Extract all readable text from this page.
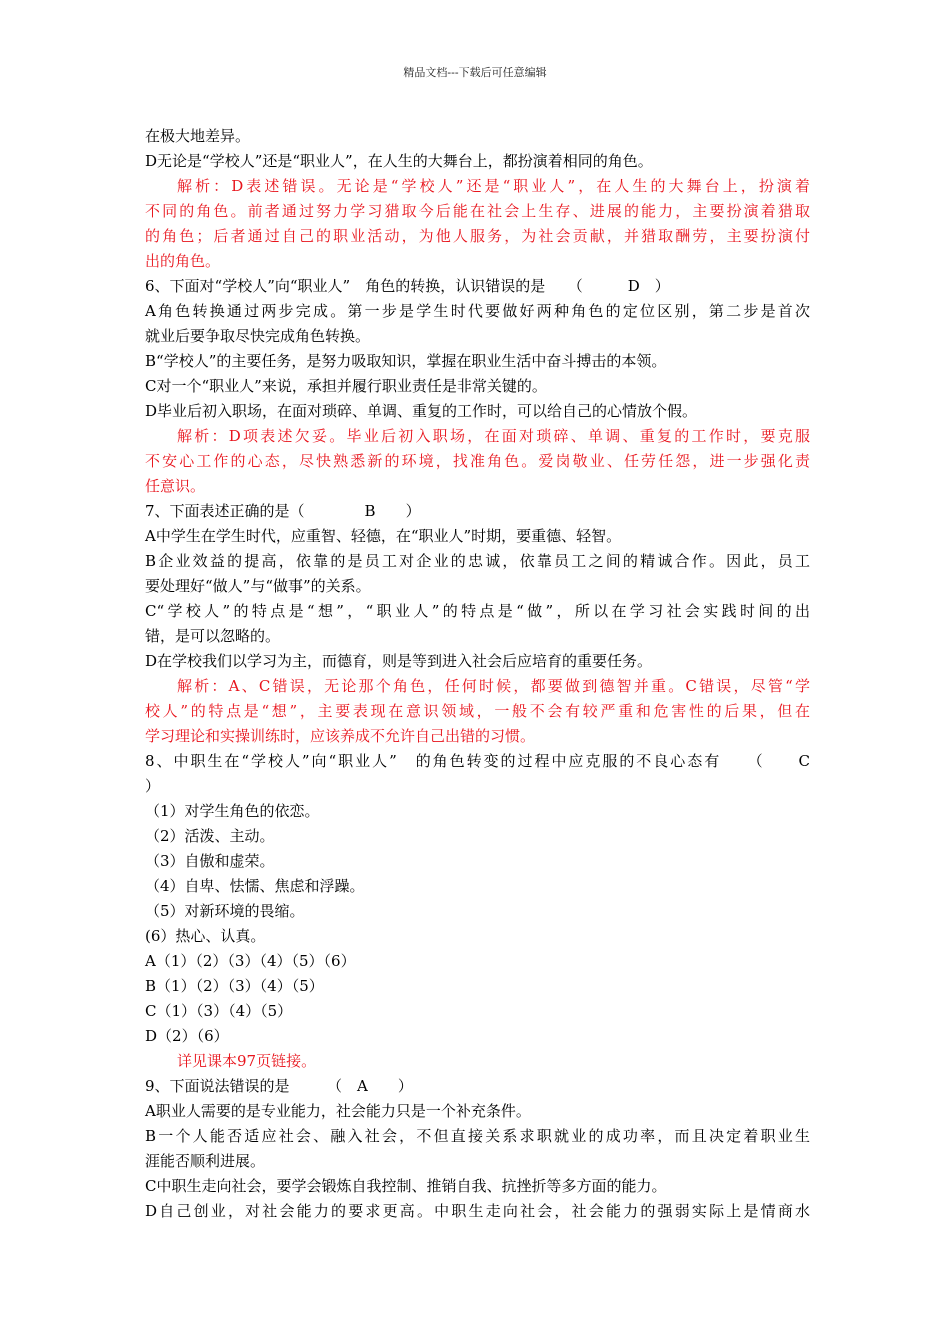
精品文档---下载后可任意编辑
在极大地差异。
D无论是“学校人”还是“职业人”，在人生的大舞台上，都扮演着相同的角色。
解析：D表述错误。无论是“学校人”还是“职业人”，在人生的大舞台上，扮演着
不同的角色。前者通过努力学习猎取今后能在社会上生存、进展的能力，主要扮演着猎取
的角色；后者通过自己的职业活动，为他人服务，为社会贡献，并猎取酬劳，主要扮演付
出的角色。
6、下面对“学校人”向“职业人”　角色的转换，认识错误的是　　（　　　D　）
A角色转换通过两步完成。第一步是学生时代要做好两种角色的定位区别，第二步是首次
就业后要争取尽快完成角色转换。
B“学校人”的主要任务，是努力吸取知识，掌握在职业生活中奋斗搏击的本领。
C对一个“职业人”来说，承担并履行职业责任是非常关键的。
D毕业后初入职场，在面对琐碎、单调、重复的工作时，可以给自己的心情放个假。
解析：D项表述欠妥。毕业后初入职场，在面对琐碎、单调、重复的工作时，要克服
不安心工作的心态，尽快熟悉新的环境，找准角色。爱岗敬业、任劳任怨，进一步强化责
任意识。
7、下面表述正确的是（　　　　B　　）
A中学生在学生时代，应重智、轻德，在“职业人”时期，要重德、轻智。
B企业效益的提高，依靠的是员工对企业的忠诚，依靠员工之间的精诚合作。因此，员工
要处理好“做人”与“做事”的关系。
C“学校人”的特点是“想”，“职业人”的特点是“做”，所以在学习社会实践时间的出
错，是可以忽略的。
D在学校我们以学习为主，而德育，则是等到进入社会后应培育的重要任务。
解析：A、C错误，无论那个角色，任何时候，都要做到德智并重。C错误，尽管“学
校人”的特点是“想”，主要表现在意识领域，一般不会有较严重和危害性的后果，但在
学习理论和实操训练时，应该养成不允许自己出错的习惯。
8、中职生在“学校人”向“职业人”　的角色转变的过程中应克服的不良心态有　　（　　C
）
（1）对学生角色的依恋。
（2）活泼、主动。
（3）自傲和虚荣。
（4）自卑、怯懦、焦虑和浮躁。
（5）对新环境的畏缩。
(6）热心、认真。
A（1）（2）（3）（4）（5）（6）
B（1）（2）（3）（4）（5）
C（1）（3）（4）（5）
D（2）（6）
详见课本97页链接。
9、下面说法错误的是　　　（　A　　）
A职业人需要的是专业能力，社会能力只是一个补充条件。
B一个人能否适应社会、融入社会，不但直接关系求职就业的成功率，而且决定着职业生
涯能否顺利进展。
C中职生走向社会，要学会锻炼自我控制、推销自我、抗挫折等多方面的能力。
D自己创业，对社会能力的要求更高。中职生走向社会，社会能力的强弱实际上是情商水
